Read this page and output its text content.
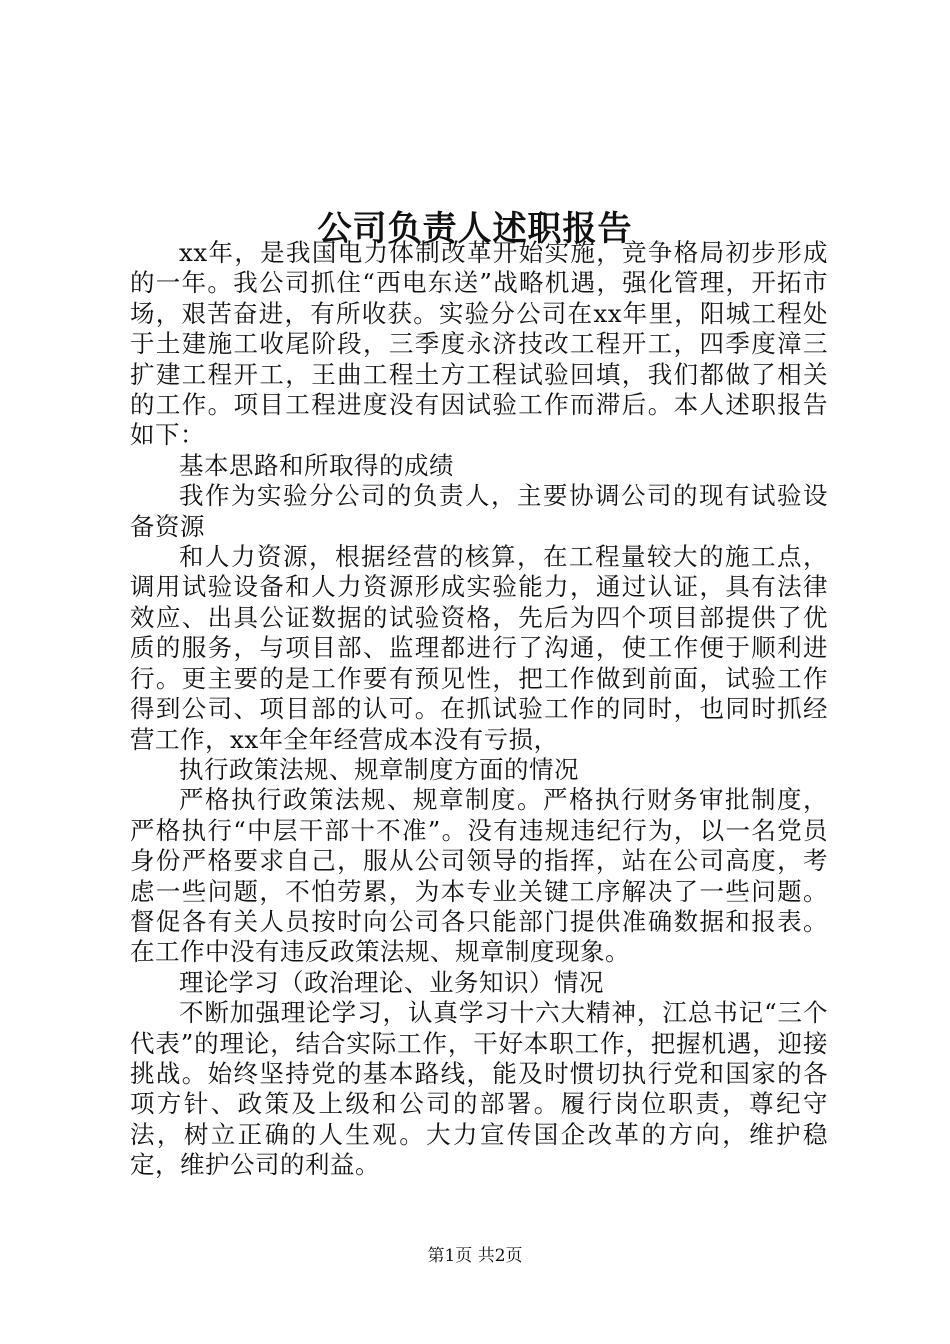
公司负责人述职报告

xx年，是我国电力体制改革开始实施，竞争格局初步形成的一年。我公司抓住“西电东送”战略机遇，强化管理，开拓市场，艰苦奋进，有所收获。实验分公司在xx年里，阳城工程处于土建施工收尾阶段，三季度永济技改工程开工，四季度漳三扩建工程开工，王曲工程土方工程试验回填，我们都做了相关的工作。项目工程进度没有因试验工作而滞后。本人述职报告如下：

基本思路和所取得的成绩

我作为实验分公司的负责人，主要协调公司的现有试验设备资源

和人力资源，根据经营的核算，在工程量较大的施工点，调用试验设备和人力资源形成实验能力，通过认证，具有法律效应、出具公证数据的试验资格，先后为四个项目部提供了优质的服务，与项目部、监理都进行了沟通，使工作便于顺利进行。更主要的是工作要有预见性，把工作做到前面，试验工作得到公司、项目部的认可。在抓试验工作的同时，也同时抓经营工作，xx年全年经营成本没有亏损，

执行政策法规、规章制度方面的情况

严格执行政策法规、规章制度。严格执行财务审批制度，严格执行“中层干部十不准”。没有违规违纪行为，以一名党员身份严格要求自己，服从公司领导的指挥，站在公司高度，考虑一些问题，不怕劳累，为本专业关键工序解决了一些问题。督促各有关人员按时向公司各只能部门提供准确数据和报表。在工作中没有违反政策法规、规章制度现象。

理论学习（政治理论、业务知识）情况

不断加强理论学习，认真学习十六大精神，江总书记“三个代表”的理论，结合实际工作，干好本职工作，把握机遇，迎接挑战。始终坚持党的基本路线，能及时惯切执行党和国家的各项方针、政策及上级和公司的部署。履行岗位职责，尊纪守法，树立正确的人生观。大力宣传国企改革的方向，维护稳定，维护公司的利益。

第1页 共2页
